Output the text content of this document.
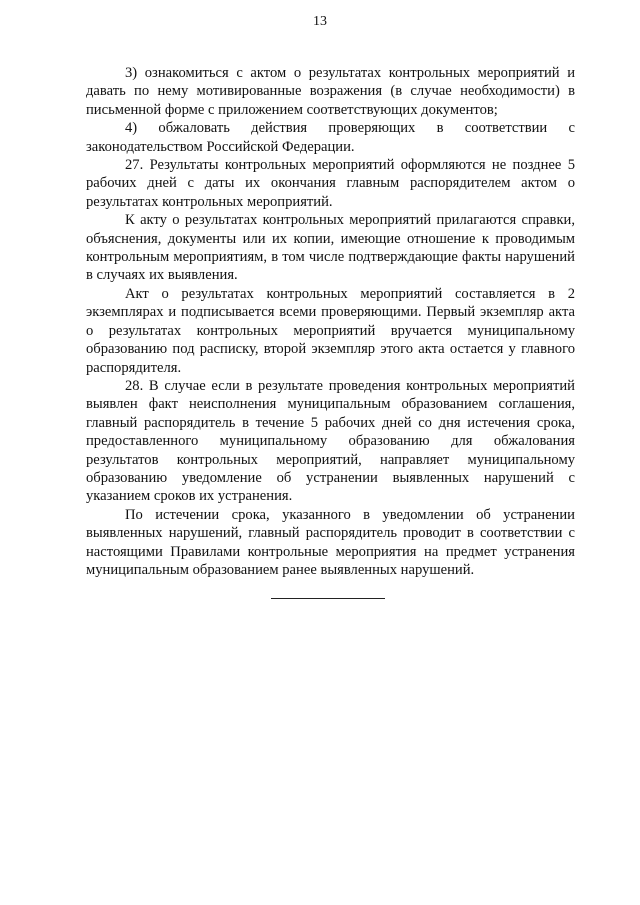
13

3) ознакомиться с актом о результатах контрольных мероприятий и давать по нему мотивированные возражения (в случае необходимости) в письменной форме с приложением соответствующих документов;

4) обжаловать действия проверяющих в соответствии с законодательством Российской Федерации.

27. Результаты контрольных мероприятий оформляются не позднее 5 рабочих дней с даты их окончания главным распорядителем актом о результатах контрольных мероприятий.

К акту о результатах контрольных мероприятий прилагаются справки, объяснения, документы или их копии, имеющие отношение к проводимым контрольным мероприятиям, в том числе подтверждающие факты нарушений в случаях их выявления.

Акт о результатах контрольных мероприятий составляется в 2 экземплярах и подписывается всеми проверяющими. Первый экземпляр акта о результатах контрольных мероприятий вручается муниципальному образованию под расписку, второй экземпляр этого акта остается у главного распорядителя.

28. В случае если в результате проведения контрольных мероприятий выявлен факт неисполнения муниципальным образованием соглашения, главный распорядитель в течение 5 рабочих дней со дня истечения срока, предоставленного муниципальному образованию для обжалования результатов контрольных мероприятий, направляет муниципальному образованию уведомление об устранении выявленных нарушений с указанием сроков их устранения.

По истечении срока, указанного в уведомлении об устранении выявленных нарушений, главный распорядитель проводит в соответствии с настоящими Правилами контрольные мероприятия на предмет устранения муниципальным образованием ранее выявленных нарушений.
